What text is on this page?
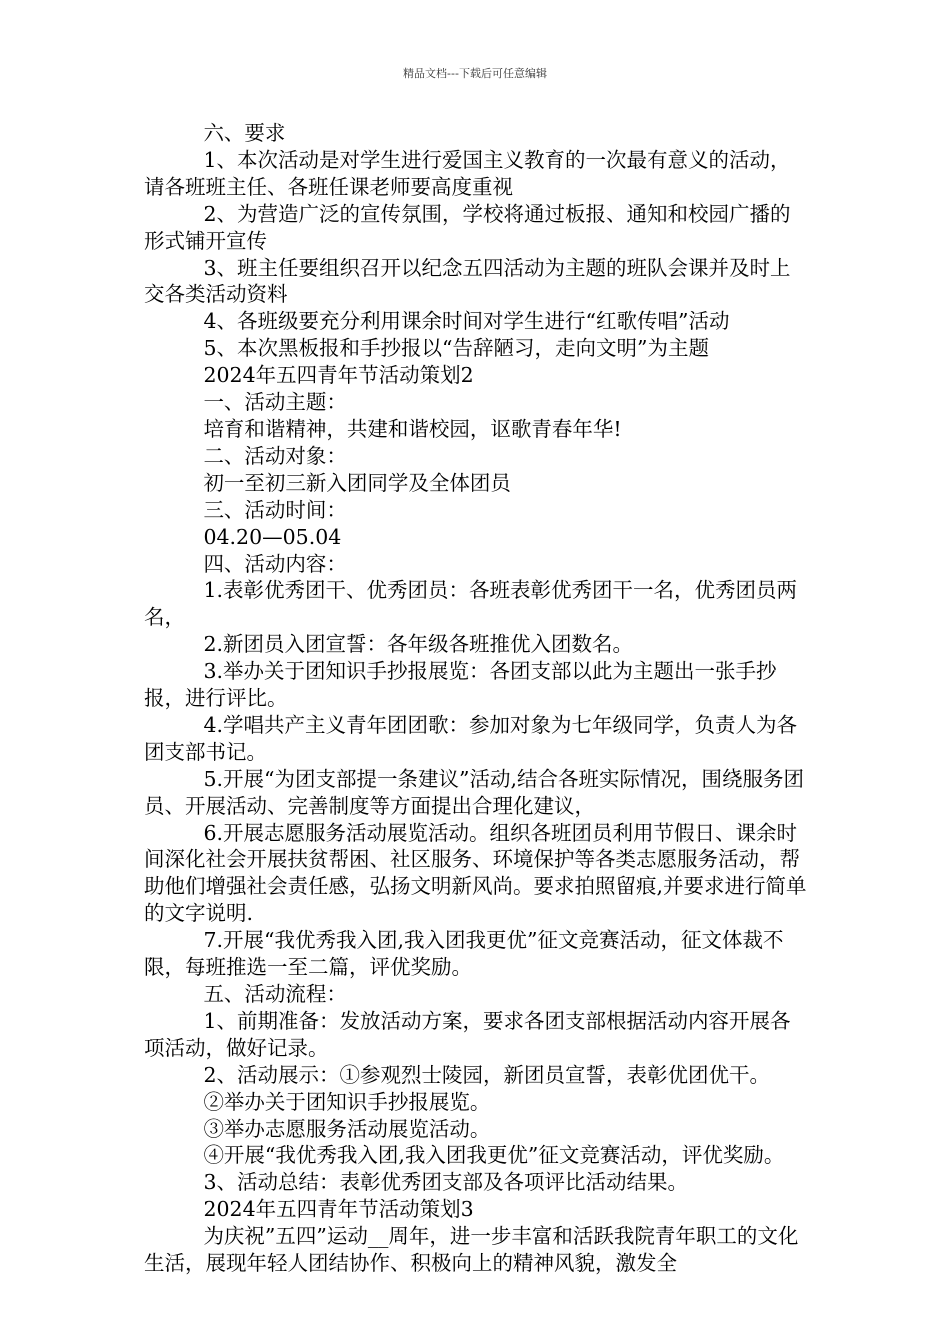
精品文档---下载后可任意编辑

六、要求

1、本次活动是对学生进行爱国主义教育的一次最有意义的活动，请各班班主任、各班任课老师要高度重视

2、为营造广泛的宣传氛围，学校将通过板报、通知和校园广播的形式铺开宣传

3、班主任要组织召开以纪念五四活动为主题的班队会课并及时上交各类活动资料

4、各班级要充分利用课余时间对学生进行“红歌传唱”活动

5、本次黑板报和手抄报以“告辞陋习，走向文明”为主题

2024年五四青年节活动策划2

一、活动主题：

培育和谐精神，共建和谐校园，讴歌青春年华!

二、活动对象：

初一至初三新入团同学及全体团员

三、活动时间：

04.20—05.04

四、活动内容：

1.表彰优秀团干、优秀团员：各班表彰优秀团干一名，优秀团员两名，

2.新团员入团宣誓：各年级各班推优入团数名。

3.举办关于团知识手抄报展览：各团支部以此为主题出一张手抄报，进行评比。

4.学唱共产主义青年团团歌：参加对象为七年级同学，负责人为各团支部书记。

5.开展“为团支部提一条建议”活动,结合各班实际情况，围绕服务团员、开展活动、完善制度等方面提出合理化建议，

6.开展志愿服务活动展览活动。组织各班团员利用节假日、课余时间深化社会开展扶贫帮困、社区服务、环境保护等各类志愿服务活动，帮助他们增强社会责任感，弘扬文明新风尚。要求拍照留痕,并要求进行简单的文字说明.

7.开展“我优秀我入团,我入团我更优”征文竞赛活动，征文体裁不限，每班推选一至二篇，评优奖励。

五、活动流程：

1、前期准备：发放活动方案，要求各团支部根据活动内容开展各项活动，做好记录。

2、活动展示：①参观烈士陵园，新团员宣誓，表彰优团优干。

②举办关于团知识手抄报展览。

③举办志愿服务活动展览活动。

④开展“我优秀我入团,我入团我更优”征文竞赛活动，评优奖励。

3、活动总结：表彰优秀团支部及各项评比活动结果。

2024年五四青年节活动策划3

为庆祝”五四”运动__周年，进一步丰富和活跃我院青年职工的文化生活，展现年轻人团结协作、积极向上的精神风貌，激发全
